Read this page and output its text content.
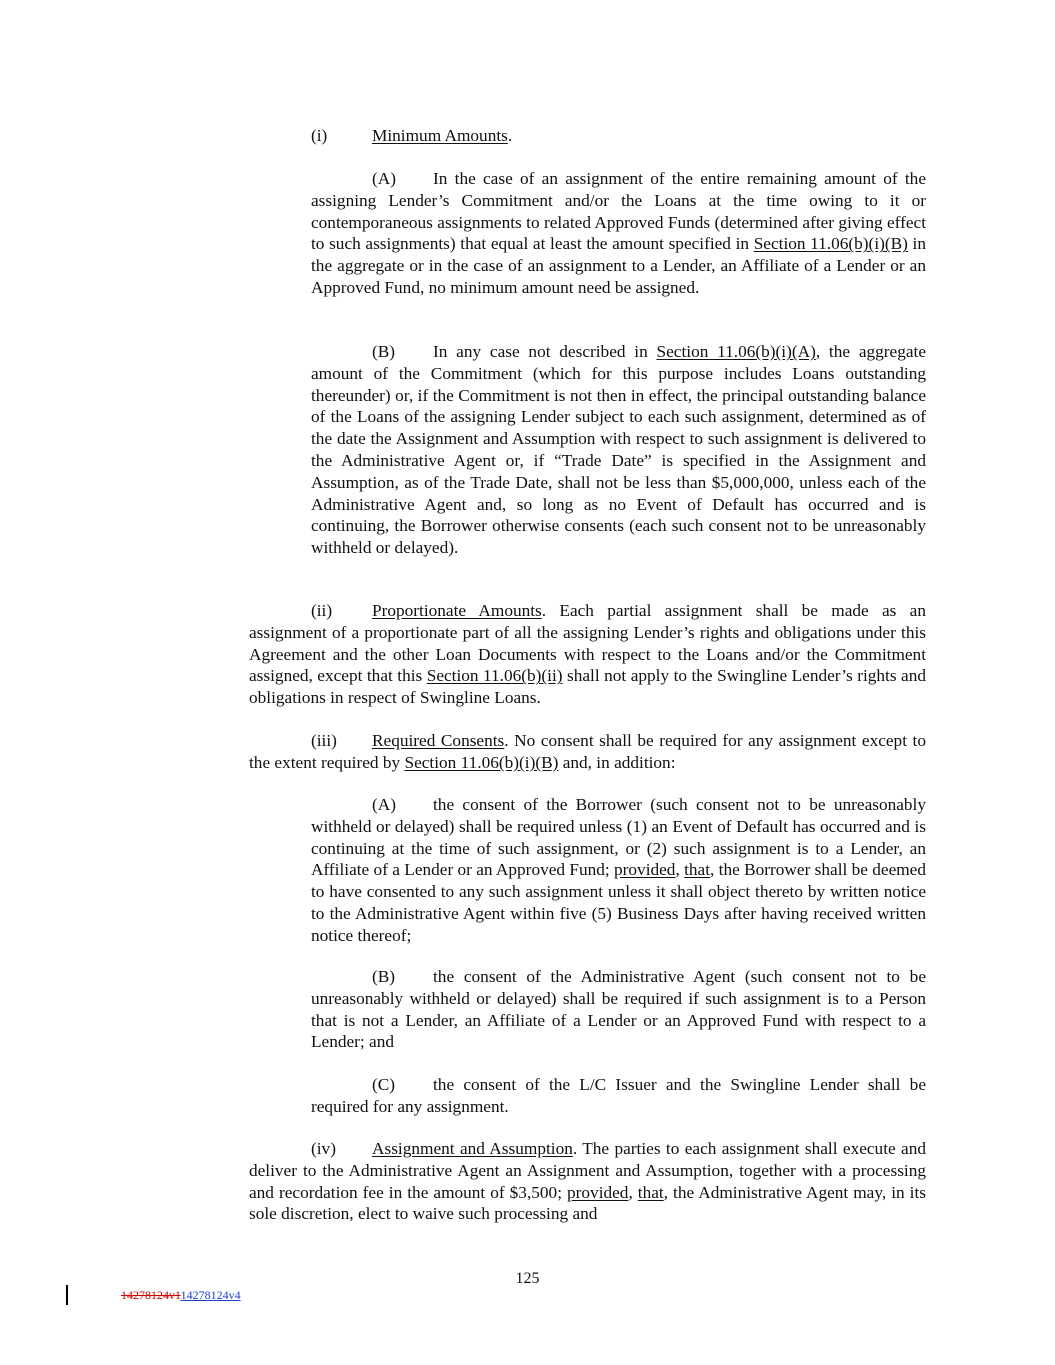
(i)	Minimum Amounts.

(A) In the case of an assignment of the entire remaining amount of the assigning Lender’s Commitment and/or the Loans at the time owing to it or contemporaneous assignments to related Approved Funds (determined after giving effect to such assignments) that equal at least the amount specified in Section 11.06(b)(i)(B) in the aggregate or in the case of an assignment to a Lender, an Affiliate of a Lender or an Approved Fund, no minimum amount need be assigned.

(B) In any case not described in Section 11.06(b)(i)(A), the aggregate amount of the Commitment (which for this purpose includes Loans outstanding thereunder) or, if the Commitment is not then in effect, the principal outstanding balance of the Loans of the assigning Lender subject to each such assignment, determined as of the date the Assignment and Assumption with respect to such assignment is delivered to the Administrative Agent or, if “Trade Date” is specified in the Assignment and Assumption, as of the Trade Date, shall not be less than $5,000,000, unless each of the Administrative Agent and, so long as no Event of Default has occurred and is continuing, the Borrower otherwise consents (each such consent not to be unreasonably withheld or delayed).

(ii) Proportionate Amounts. Each partial assignment shall be made as an assignment of a proportionate part of all the assigning Lender’s rights and obligations under this Agreement and the other Loan Documents with respect to the Loans and/or the Commitment assigned, except that this Section 11.06(b)(ii) shall not apply to the Swingline Lender’s rights and obligations in respect of Swingline Loans.

(iii) Required Consents. No consent shall be required for any assignment except to the extent required by Section 11.06(b)(i)(B) and, in addition:

(A) the consent of the Borrower (such consent not to be unreasonably withheld or delayed) shall be required unless (1) an Event of Default has occurred and is continuing at the time of such assignment, or (2) such assignment is to a Lender, an Affiliate of a Lender or an Approved Fund; provided, that, the Borrower shall be deemed to have consented to any such assignment unless it shall object thereto by written notice to the Administrative Agent within five (5) Business Days after having received written notice thereof;

(B) the consent of the Administrative Agent (such consent not to be unreasonably withheld or delayed) shall be required if such assignment is to a Person that is not a Lender, an Affiliate of a Lender or an Approved Fund with respect to a Lender; and

(C) the consent of the L/C Issuer and the Swingline Lender shall be required for any assignment.

(iv) Assignment and Assumption. The parties to each assignment shall execute and deliver to the Administrative Agent an Assignment and Assumption, together with a processing and recordation fee in the amount of $3,500; provided, that, the Administrative Agent may, in its sole discretion, elect to waive such processing and

125
14278124v114278124v4
